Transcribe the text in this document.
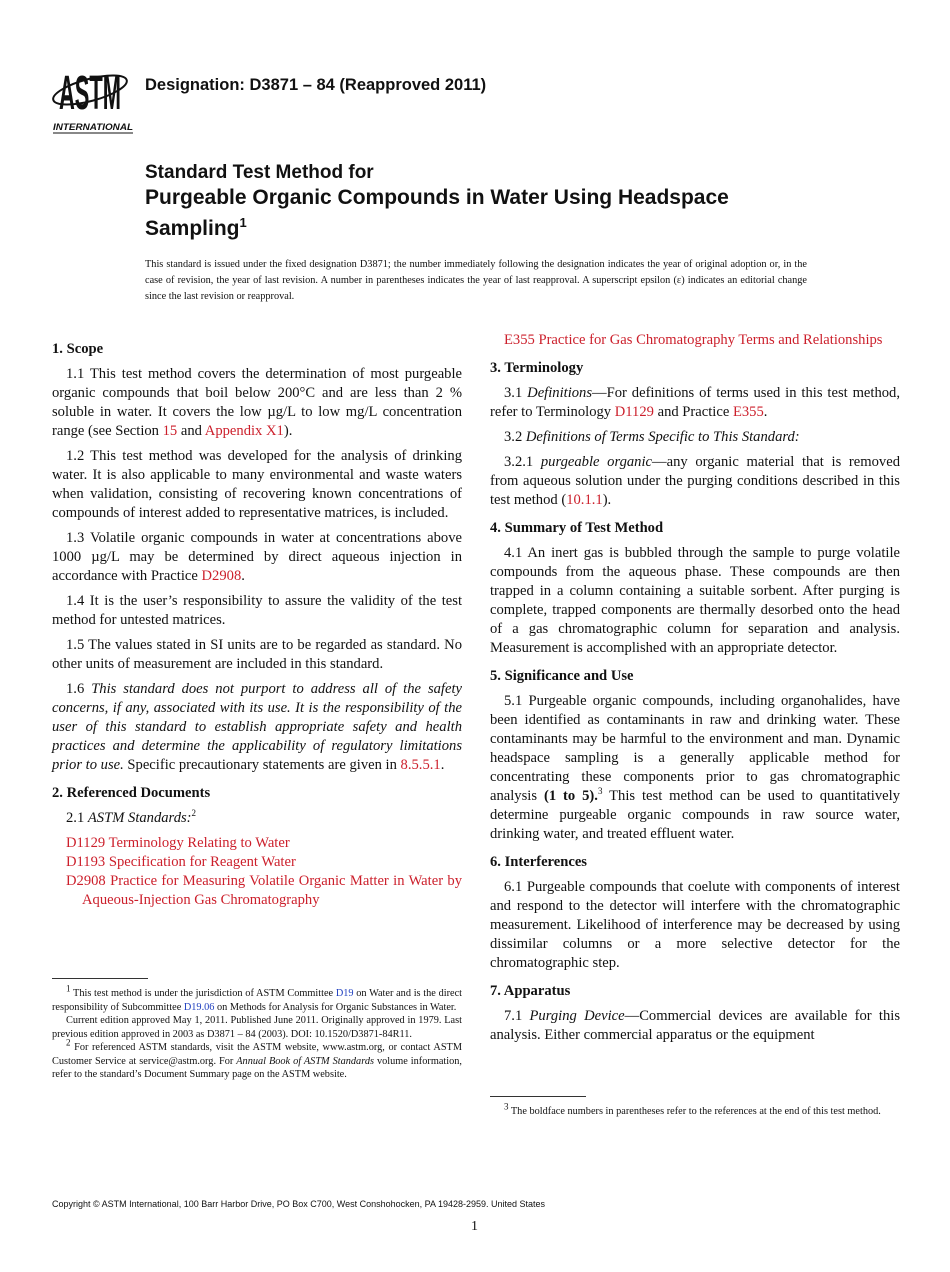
ASTM
INTERNATIONAL
Designation: D3871 – 84 (Reapproved 2011)
Standard Test Method for
Purgeable Organic Compounds in Water Using Headspace
Sampling$^1$
This standard is issued under the fixed designation D3871; the number immediately following the designation indicates the year of original adoption or, in the case of revision, the year of last revision. A number in parentheses indicates the year of last reapproval. A superscript epsilon (ε) indicates an editorial change since the last revision or reapproval.
1. Scope
1.1 This test method covers the determination of most purgeable organic compounds that boil below 200°C and are less than 2 % soluble in water. It covers the low µg/L to low mg/L concentration range (see Section 15 and Appendix X1).
1.2 This test method was developed for the analysis of drinking water. It is also applicable to many environmental and waste waters when validation, consisting of recovering known concentrations of compounds of interest added to representative matrices, is included.
1.3 Volatile organic compounds in water at concentrations above 1000 µg/L may be determined by direct aqueous injection in accordance with Practice D2908.
1.4 It is the user’s responsibility to assure the validity of the test method for untested matrices.
1.5 The values stated in SI units are to be regarded as standard. No other units of measurement are included in this standard.
1.6 This standard does not purport to address all of the safety concerns, if any, associated with its use. It is the responsibility of the user of this standard to establish appropriate safety and health practices and determine the applicability of regulatory limitations prior to use. Specific precautionary statements are given in 8.5.5.1.
2. Referenced Documents
2.1 ASTM Standards:$^2$
D1129 Terminology Relating to Water
D1193 Specification for Reagent Water
D2908 Practice for Measuring Volatile Organic Matter in Water by Aqueous-Injection Gas Chromatography
E355 Practice for Gas Chromatography Terms and Relationships
3. Terminology
3.1 Definitions—For definitions of terms used in this test method, refer to Terminology D1129 and Practice E355.
3.2 Definitions of Terms Specific to This Standard:
3.2.1 purgeable organic—any organic material that is removed from aqueous solution under the purging conditions described in this test method (10.1.1).
4. Summary of Test Method
4.1 An inert gas is bubbled through the sample to purge volatile compounds from the aqueous phase. These compounds are then trapped in a column containing a suitable sorbent. After purging is complete, trapped components are thermally desorbed onto the head of a gas chromatographic column for separation and analysis. Measurement is accomplished with an appropriate detector.
5. Significance and Use
5.1 Purgeable organic compounds, including organohalides, have been identified as contaminants in raw and drinking water. These contaminants may be harmful to the environment and man. Dynamic headspace sampling is a generally applicable method for concentrating these components prior to gas chromatographic analysis (1 to 5).$^3$ This test method can be used to quantitatively determine purgeable organic compounds in raw source water, drinking water, and treated effluent water.
6. Interferences
6.1 Purgeable compounds that coelute with components of interest and respond to the detector will interfere with the chromatographic measurement. Likelihood of interference may be decreased by using dissimilar columns or a more selective detector for the chromatographic step.
7. Apparatus
7.1 Purging Device—Commercial devices are available for this analysis. Either commercial apparatus or the equipment
1 This test method is under the jurisdiction of ASTM Committee D19 on Water and is the direct responsibility of Subcommittee D19.06 on Methods for Analysis for Organic Substances in Water.
Current edition approved May 1, 2011. Published June 2011. Originally approved in 1979. Last previous edition approved in 2003 as D3871 – 84 (2003). DOI: 10.1520/D3871-84R11.
2 For referenced ASTM standards, visit the ASTM website, www.astm.org, or contact ASTM Customer Service at service@astm.org. For Annual Book of ASTM Standards volume information, refer to the standard’s Document Summary page on the ASTM website.
3 The boldface numbers in parentheses refer to the references at the end of this test method.
Copyright © ASTM International, 100 Barr Harbor Drive, PO Box C700, West Conshohocken, PA 19428-2959. United States
1
